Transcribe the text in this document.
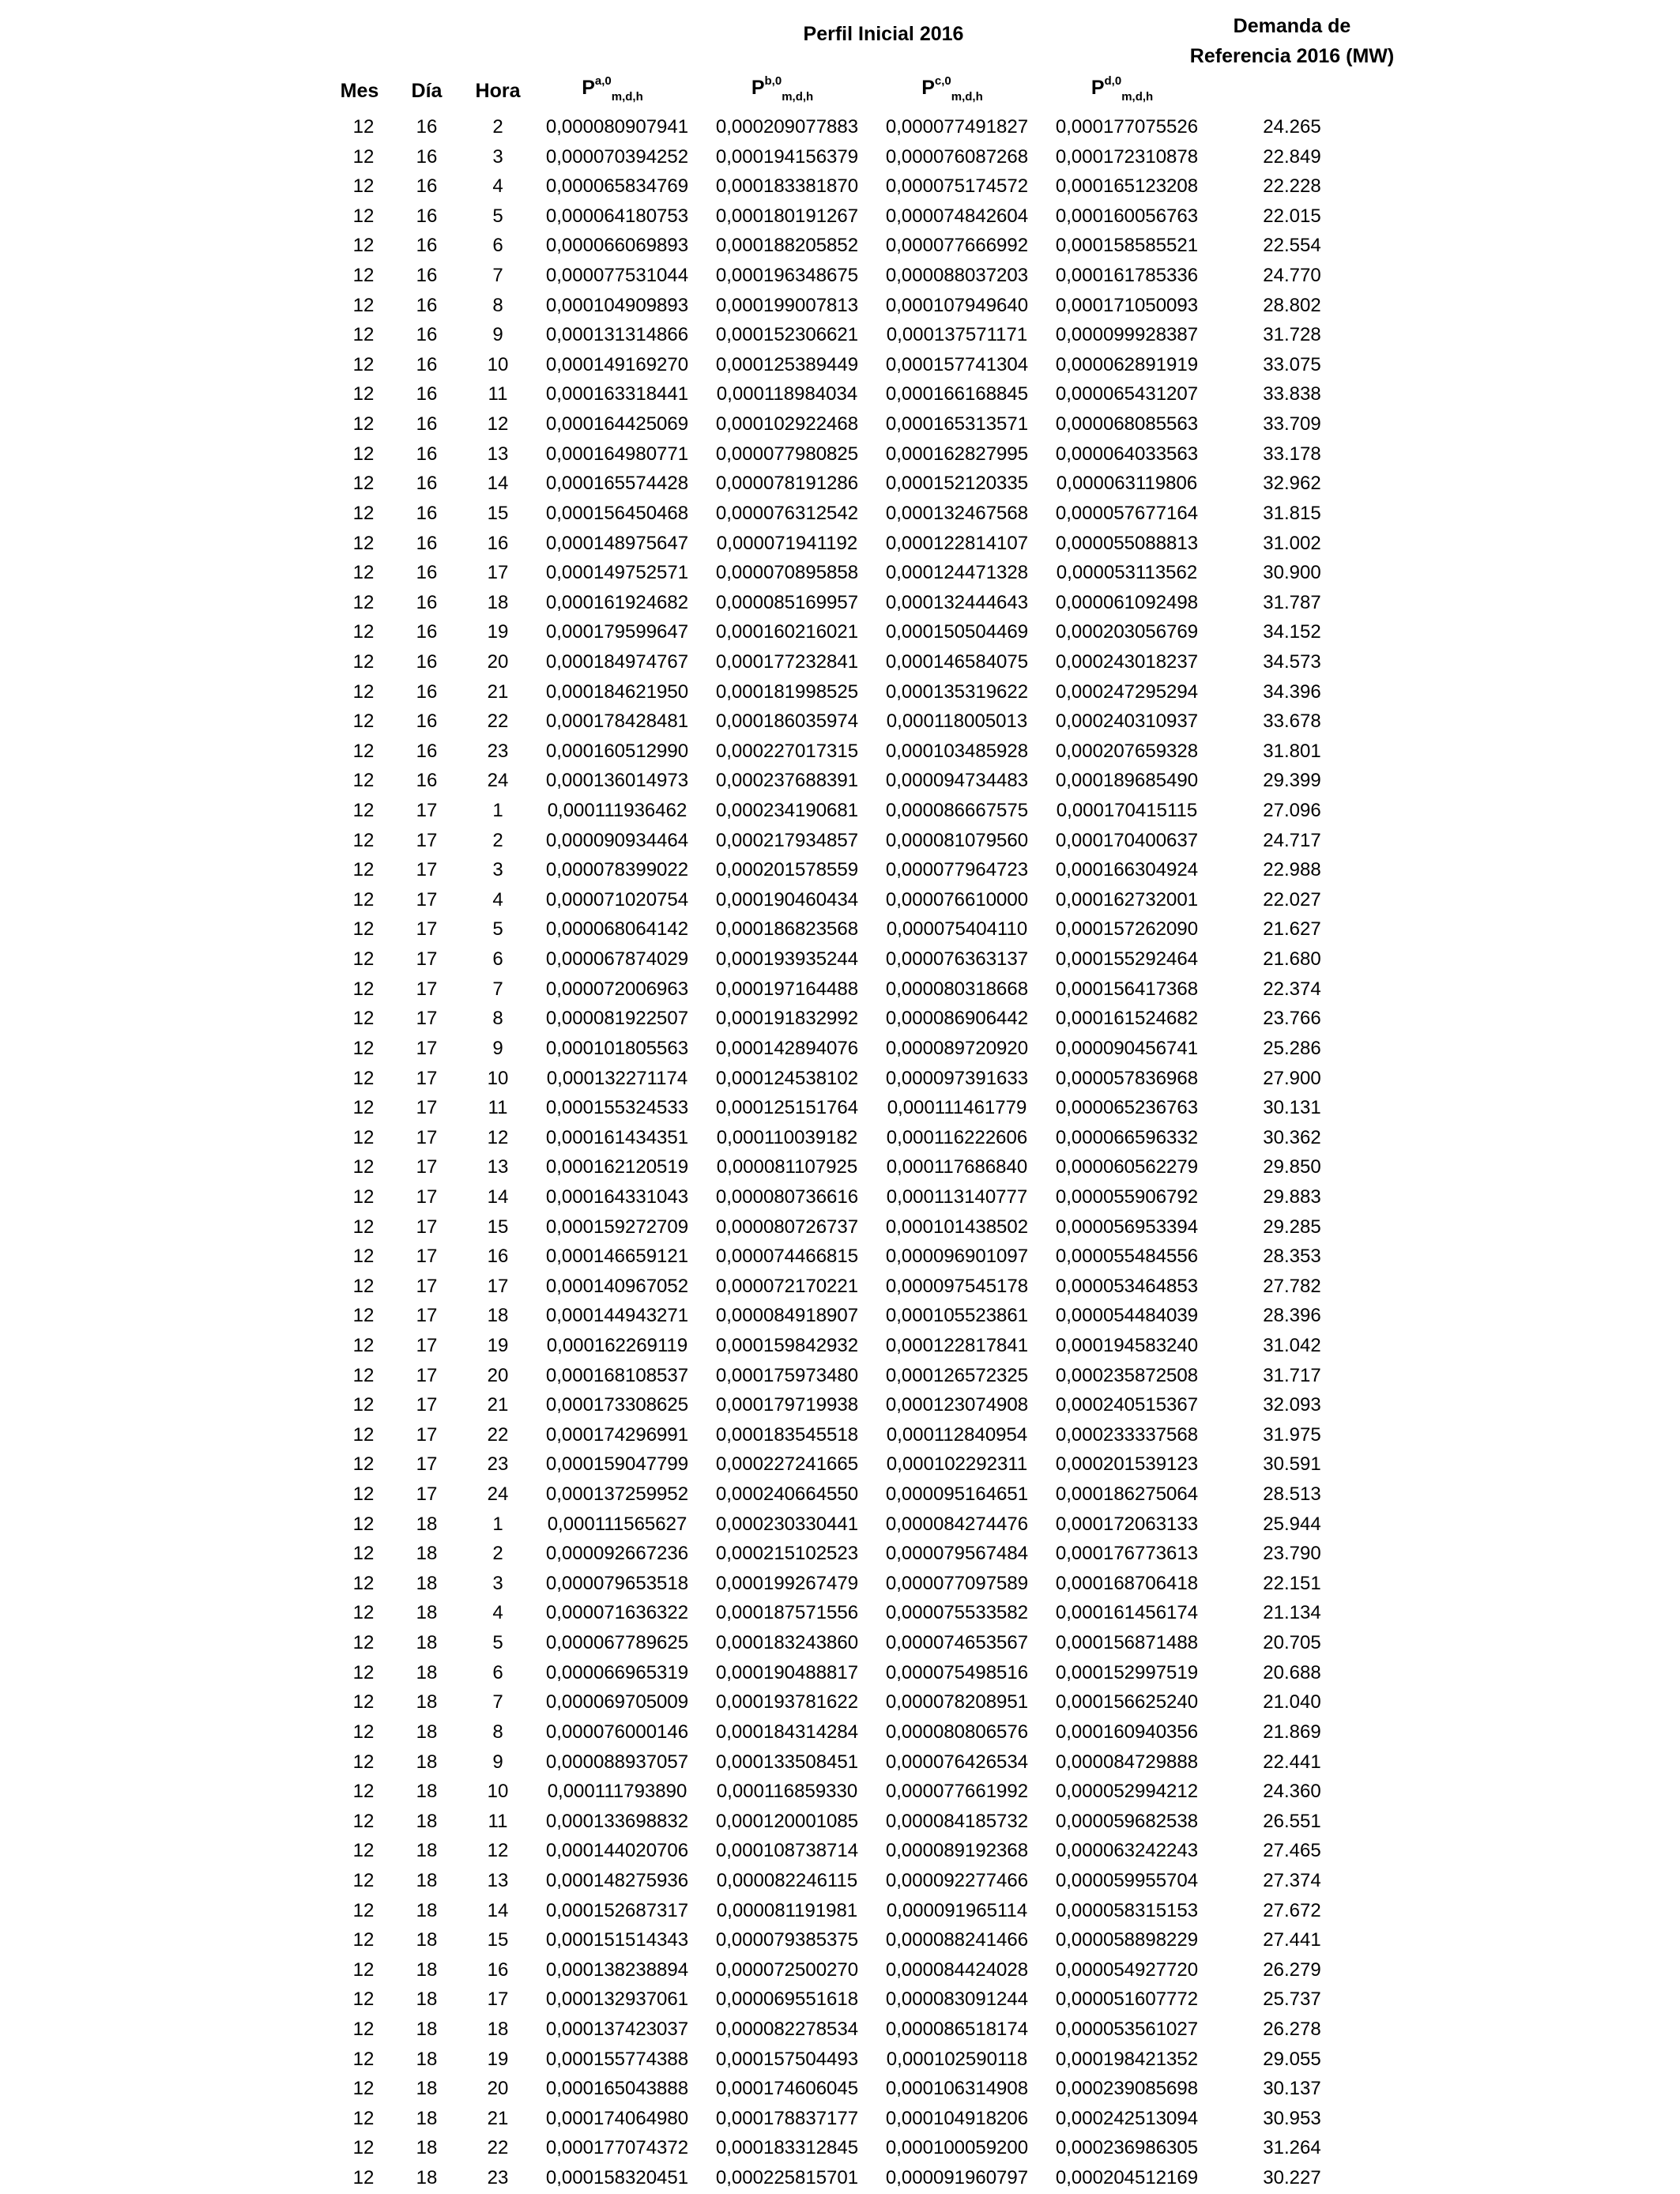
Perfil Inicial 2016	Demanda de Referencia 2016 (MW)
Mes	Día	Hora	P$^{a,0}_{m,d,h}$	P$^{b,0}_{m,d,h}$	P$^{c,0}_{m,d,h}$	P$^{d,0}_{m,d,h}$
12	16	2	0,000080907941	0,000209077883	0,000077491827	0,000177075526	24.265
12	16	3	0,000070394252	0,000194156379	0,000076087268	0,000172310878	22.849
12	16	4	0,000065834769	0,000183381870	0,000075174572	0,000165123208	22.228
12	16	5	0,000064180753	0,000180191267	0,000074842604	0,000160056763	22.015
12	16	6	0,000066069893	0,000188205852	0,000077666992	0,000158585521	22.554
12	16	7	0,000077531044	0,000196348675	0,000088037203	0,000161785336	24.770
12	16	8	0,000104909893	0,000199007813	0,000107949640	0,000171050093	28.802
12	16	9	0,000131314866	0,000152306621	0,000137571171	0,000099928387	31.728
12	16	10	0,000149169270	0,000125389449	0,000157741304	0,000062891919	33.075
12	16	11	0,000163318441	0,000118984034	0,000166168845	0,000065431207	33.838
12	16	12	0,000164425069	0,000102922468	0,000165313571	0,000068085563	33.709
12	16	13	0,000164980771	0,000077980825	0,000162827995	0,000064033563	33.178
12	16	14	0,000165574428	0,000078191286	0,000152120335	0,000063119806	32.962
12	16	15	0,000156450468	0,000076312542	0,000132467568	0,000057677164	31.815
12	16	16	0,000148975647	0,000071941192	0,000122814107	0,000055088813	31.002
12	16	17	0,000149752571	0,000070895858	0,000124471328	0,000053113562	30.900
12	16	18	0,000161924682	0,000085169957	0,000132444643	0,000061092498	31.787
12	16	19	0,000179599647	0,000160216021	0,000150504469	0,000203056769	34.152
12	16	20	0,000184974767	0,000177232841	0,000146584075	0,000243018237	34.573
12	16	21	0,000184621950	0,000181998525	0,000135319622	0,000247295294	34.396
12	16	22	0,000178428481	0,000186035974	0,000118005013	0,000240310937	33.678
12	16	23	0,000160512990	0,000227017315	0,000103485928	0,000207659328	31.801
12	16	24	0,000136014973	0,000237688391	0,000094734483	0,000189685490	29.399
12	17	1	0,000111936462	0,000234190681	0,000086667575	0,000170415115	27.096
12	17	2	0,000090934464	0,000217934857	0,000081079560	0,000170400637	24.717
12	17	3	0,000078399022	0,000201578559	0,000077964723	0,000166304924	22.988
12	17	4	0,000071020754	0,000190460434	0,000076610000	0,000162732001	22.027
12	17	5	0,000068064142	0,000186823568	0,000075404110	0,000157262090	21.627
12	17	6	0,000067874029	0,000193935244	0,000076363137	0,000155292464	21.680
12	17	7	0,000072006963	0,000197164488	0,000080318668	0,000156417368	22.374
12	17	8	0,000081922507	0,000191832992	0,000086906442	0,000161524682	23.766
12	17	9	0,000101805563	0,000142894076	0,000089720920	0,000090456741	25.286
12	17	10	0,000132271174	0,000124538102	0,000097391633	0,000057836968	27.900
12	17	11	0,000155324533	0,000125151764	0,000111461779	0,000065236763	30.131
12	17	12	0,000161434351	0,000110039182	0,000116222606	0,000066596332	30.362
12	17	13	0,000162120519	0,000081107925	0,000117686840	0,000060562279	29.850
12	17	14	0,000164331043	0,000080736616	0,000113140777	0,000055906792	29.883
12	17	15	0,000159272709	0,000080726737	0,000101438502	0,000056953394	29.285
12	17	16	0,000146659121	0,000074466815	0,000096901097	0,000055484556	28.353
12	17	17	0,000140967052	0,000072170221	0,000097545178	0,000053464853	27.782
12	17	18	0,000144943271	0,000084918907	0,000105523861	0,000054484039	28.396
12	17	19	0,000162269119	0,000159842932	0,000122817841	0,000194583240	31.042
12	17	20	0,000168108537	0,000175973480	0,000126572325	0,000235872508	31.717
12	17	21	0,000173308625	0,000179719938	0,000123074908	0,000240515367	32.093
12	17	22	0,000174296991	0,000183545518	0,000112840954	0,000233337568	31.975
12	17	23	0,000159047799	0,000227241665	0,000102292311	0,000201539123	30.591
12	17	24	0,000137259952	0,000240664550	0,000095164651	0,000186275064	28.513
12	18	1	0,000111565627	0,000230330441	0,000084274476	0,000172063133	25.944
12	18	2	0,000092667236	0,000215102523	0,000079567484	0,000176773613	23.790
12	18	3	0,000079653518	0,000199267479	0,000077097589	0,000168706418	22.151
12	18	4	0,000071636322	0,000187571556	0,000075533582	0,000161456174	21.134
12	18	5	0,000067789625	0,000183243860	0,000074653567	0,000156871488	20.705
12	18	6	0,000066965319	0,000190488817	0,000075498516	0,000152997519	20.688
12	18	7	0,000069705009	0,000193781622	0,000078208951	0,000156625240	21.040
12	18	8	0,000076000146	0,000184314284	0,000080806576	0,000160940356	21.869
12	18	9	0,000088937057	0,000133508451	0,000076426534	0,000084729888	22.441
12	18	10	0,000111793890	0,000116859330	0,000077661992	0,000052994212	24.360
12	18	11	0,000133698832	0,000120001085	0,000084185732	0,000059682538	26.551
12	18	12	0,000144020706	0,000108738714	0,000089192368	0,000063242243	27.465
12	18	13	0,000148275936	0,000082246115	0,000092277466	0,000059955704	27.374
12	18	14	0,000152687317	0,000081191981	0,000091965114	0,000058315153	27.672
12	18	15	0,000151514343	0,000079385375	0,000088241466	0,000058898229	27.441
12	18	16	0,000138238894	0,000072500270	0,000084424028	0,000054927720	26.279
12	18	17	0,000132937061	0,000069551618	0,000083091244	0,000051607772	25.737
12	18	18	0,000137423037	0,000082278534	0,000086518174	0,000053561027	26.278
12	18	19	0,000155774388	0,000157504493	0,000102590118	0,000198421352	29.055
12	18	20	0,000165043888	0,000174606045	0,000106314908	0,000239085698	30.137
12	18	21	0,000174064980	0,000178837177	0,000104918206	0,000242513094	30.953
12	18	22	0,000177074372	0,000183312845	0,000100059200	0,000236986305	31.264
12	18	23	0,000158320451	0,000225815701	0,000091960797	0,000204512169	30.227
